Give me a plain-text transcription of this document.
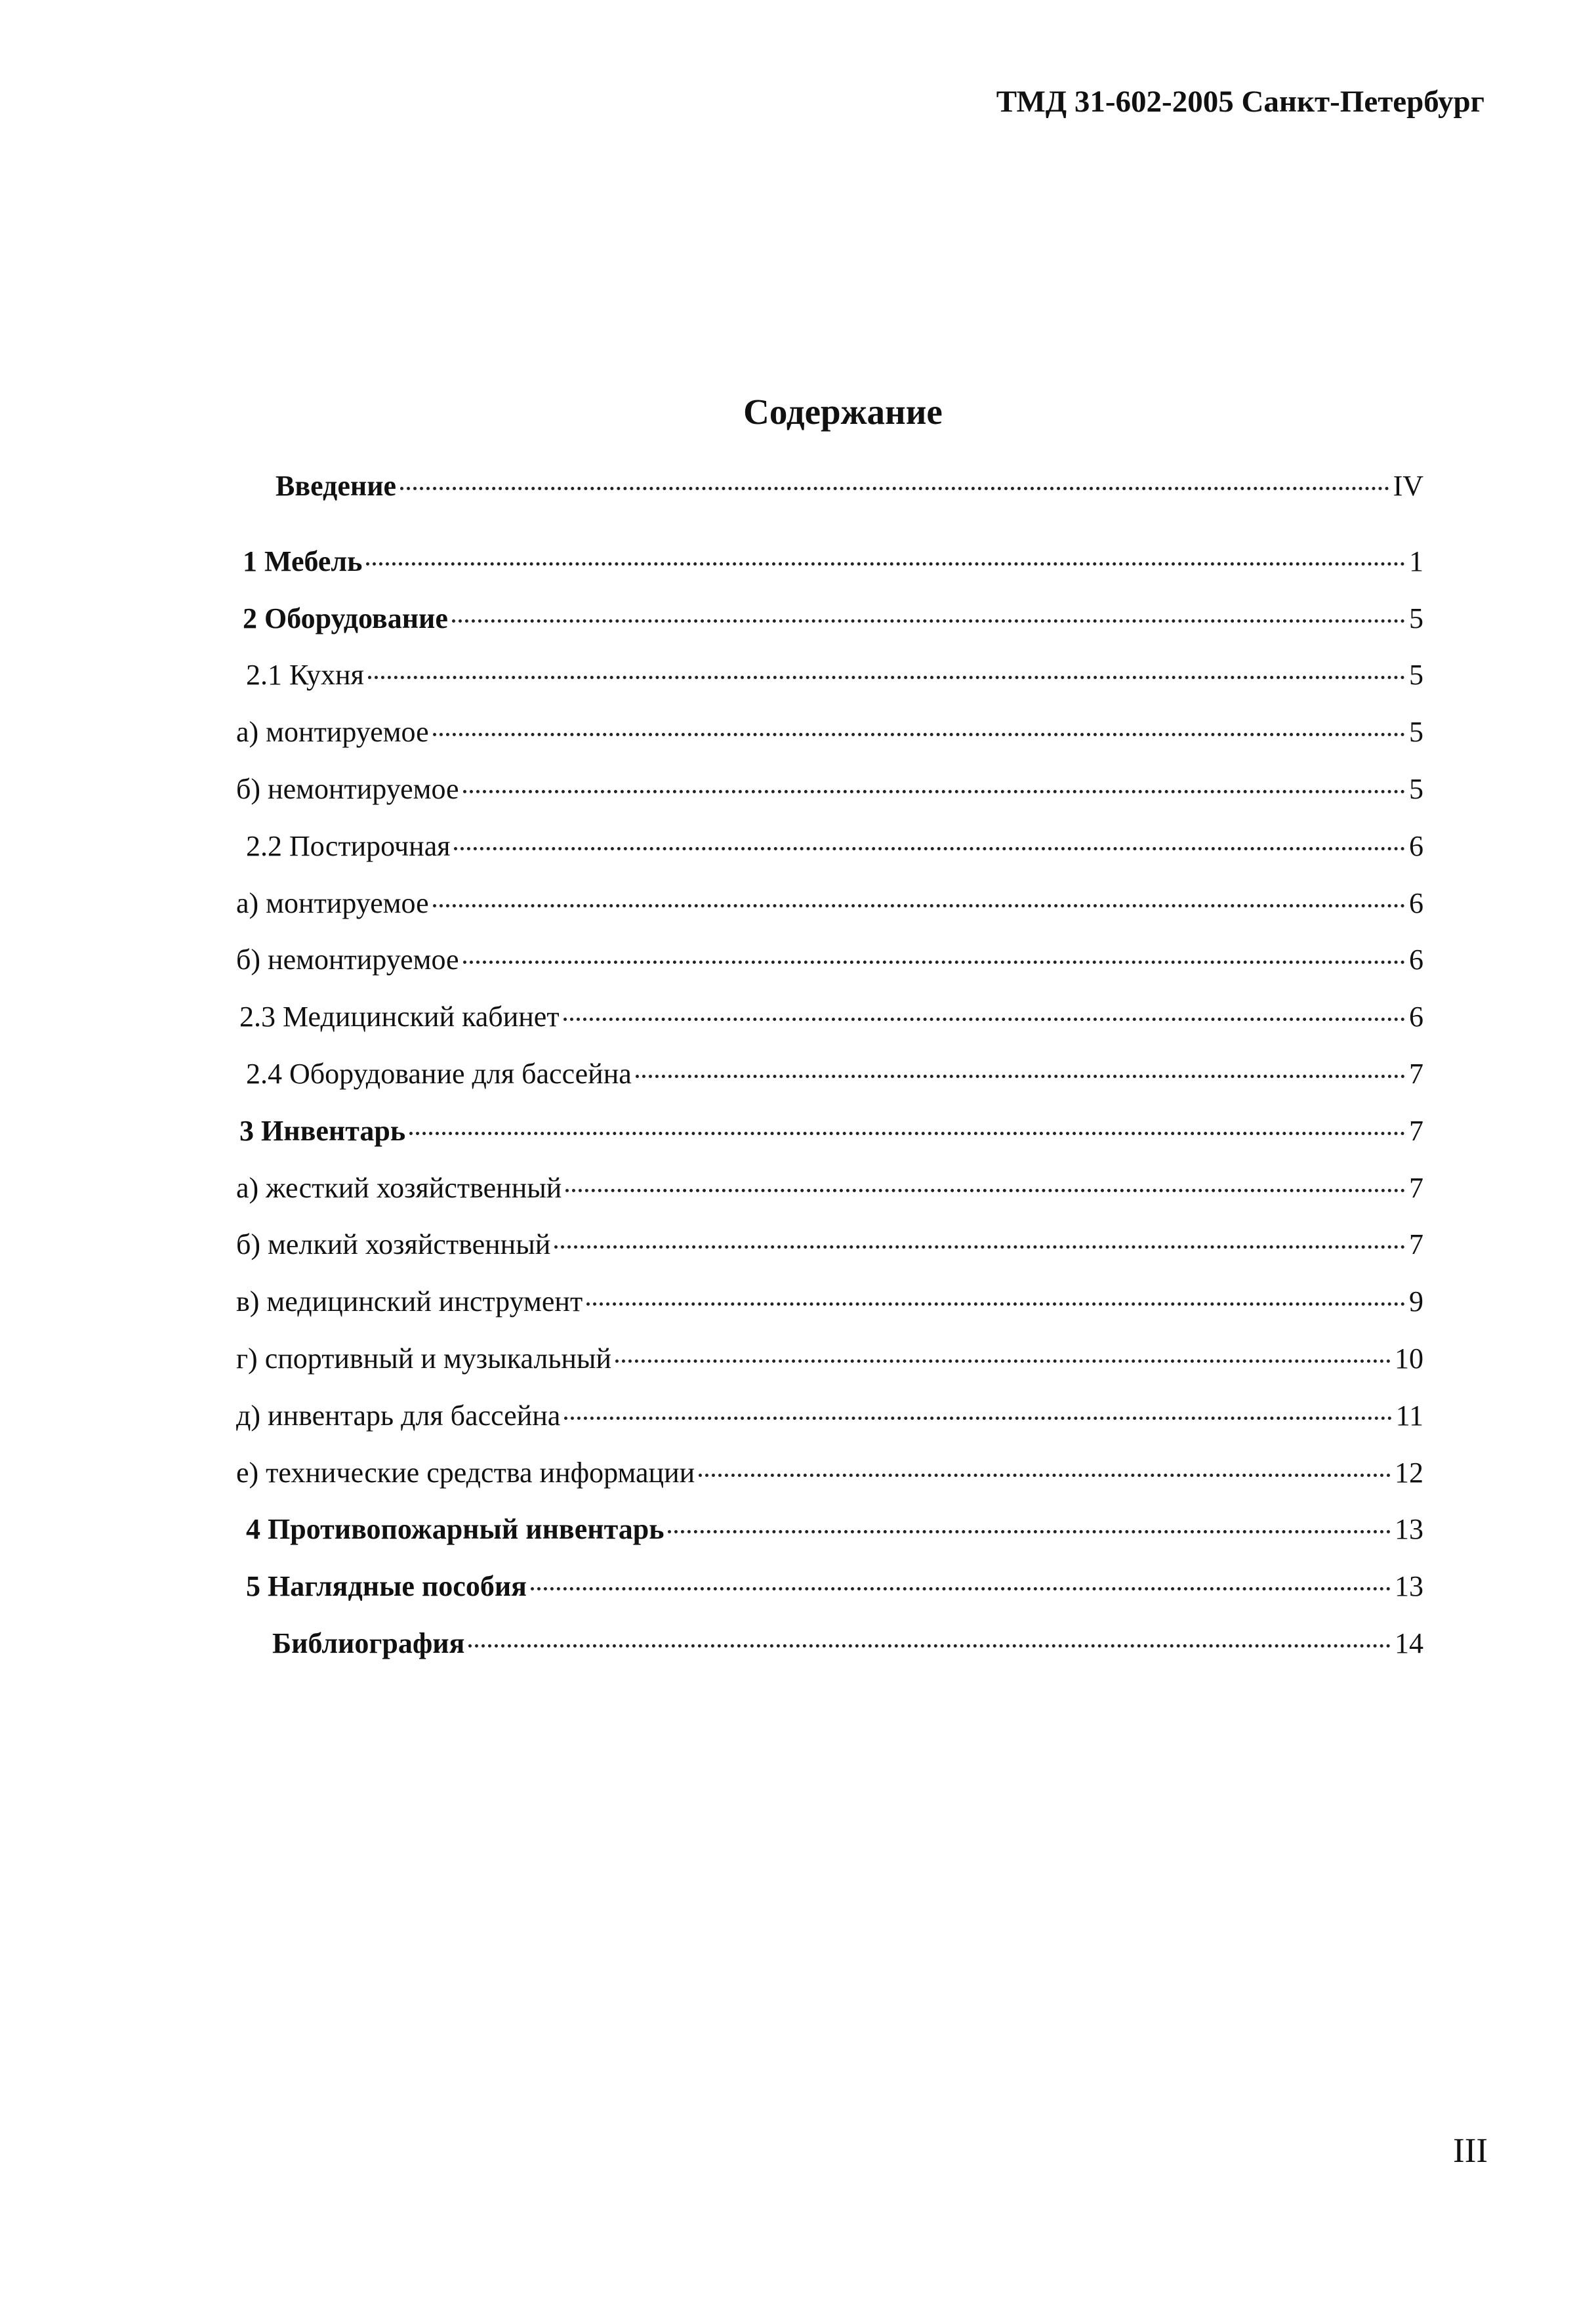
ТМД 31-602-2005 Санкт-Петербург
Содержание
Введение	IV
1 Мебель	1
2 Оборудование	5
2.1 Кухня	5
а) монтируемое	5
б) немонтируемое	5
2.2 Постирочная	6
а) монтируемое	6
б) немонтируемое	6
2.3 Медицинский кабинет	6
2.4 Оборудование для бассейна	7
3 Инвентарь	7
а) жесткий хозяйственный	7
б) мелкий хозяйственный	7
в) медицинский инструмент	9
г) спортивный и музыкальный	10
д) инвентарь для бассейна	11
е) технические средства информации	12
4 Противопожарный инвентарь	13
5 Наглядные пособия	13
Библиография	14
III
